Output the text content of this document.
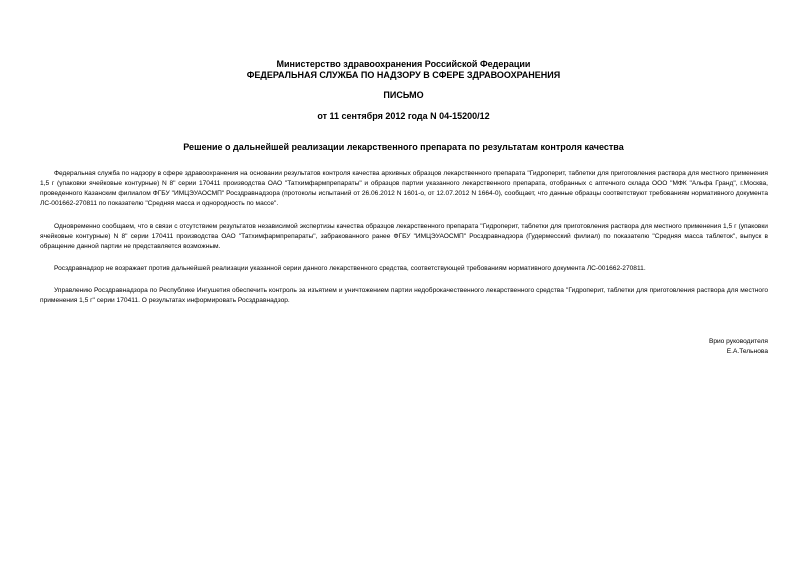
Министерство здравоохранения Российской Федерации
ФЕДЕРАЛЬНАЯ СЛУЖБА ПО НАДЗОРУ В СФЕРЕ ЗДРАВООХРАНЕНИЯ
ПИСЬМО
от 11 сентября 2012 года N 04-15200/12
Решение о дальнейшей реализации лекарственного препарата по результатам контроля качества

Федеральная служба по надзору в сфере здравоохранения на основании результатов контроля качества архивных образцов лекарственного препарата "Гидроперит, таблетки для приготовления раствора для местного применения 1,5 г (упаковки ячейковые контурные) N 8" серии 170411 производства ОАО "Татхимфармпрепараты" и образцов партии указанного лекарственного препарата, отобранных с аптечного склада ООО "МФК "Альфа Гранд", г.Москва, проведенного Казанским филиалом ФГБУ "ИМЦЭУАОСМП" Росздравнадзора (протоколы испытаний от 26.06.2012 N 1601-о, от 12.07.2012 N 1664-0), сообщает, что данные образцы соответствуют требованиям нормативного документа ЛС-001662-270811 по показателю "Средняя масса и однородность по массе".

Одновременно сообщаем, что в связи с отсутствием результатов независимой экспертизы качества образцов лекарственного препарата "Гидроперит, таблетки для приготовления раствора для местного применения 1,5 г (упаковки ячейковые контурные) N 8" серии 170411 производства ОАО "Татхимфармпрепараты", забракованного ранее ФГБУ "ИМЦЭУАОСМП" Росздравнадзора (Гудермесский филиал) по показателю "Средняя масса таблеток", выпуск в обращение данной партии не представляется возможным.

Росздравнадзор не возражает против дальнейшей реализации указанной серии данного лекарственного средства, соответствующей требованиям нормативного документа ЛС-001662-270811.

Управлению Росздравнадзора по Республике Ингушетия обеспечить контроль за изъятием и уничтожением партии недоброкачественного лекарственного средства "Гидроперит, таблетки для приготовления раствора для местного применения 1,5 г" серии 170411. О результатах информировать Росздравнадзор.

Врио руководителя
Е.А.Тельнова
